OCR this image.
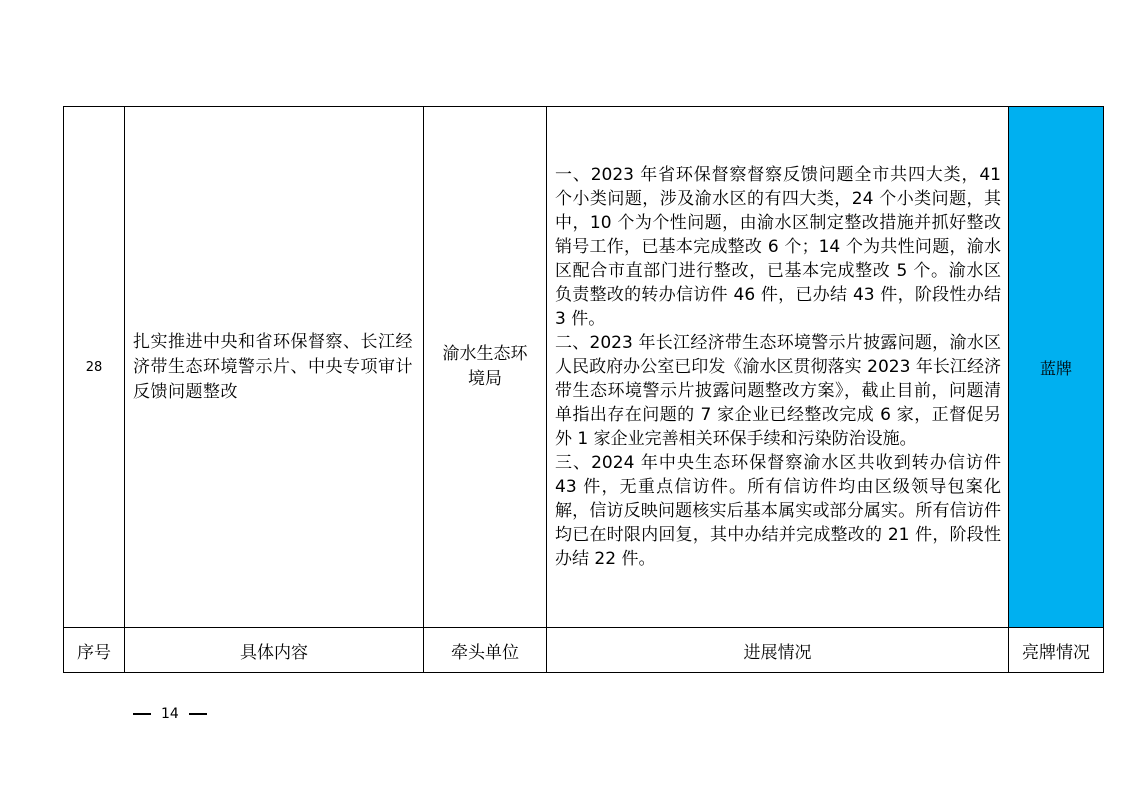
28	扎实推进中央和省环保督察、长江经济带生态环境警示片、中央专项审计反馈问题整改	渝水生态环境局	一、2023 年省环保督察督察反馈问题全市共四大类，41 个小类问题，涉及渝水区的有四大类，24 个小类问题，其中，10 个为个性问题，由渝水区制定整改措施并抓好整改销号工作，已基本完成整改 6 个；14 个为共性问题，渝水区配合市直部门进行整改，已基本完成整改 5 个。渝水区负责整改的转办信访件 46 件，已办结 43 件，阶段性办结 3 件。

二、2023 年长江经济带生态环境警示片披露问题，渝水区人民政府办公室已印发《渝水区贯彻落实 2023 年长江经济带生态环境警示片披露问题整改方案》，截止目前，问题清单指出存在问题的 7 家企业已经整改完成 6 家，正督促另外 1 家企业完善相关环保手续和污染防治设施。

三、2024 年中央生态环保督察渝水区共收到转办信访件 43 件，无重点信访件。所有信访件均由区级领导包案化解，信访反映问题核实后基本属实或部分属实。所有信访件均已在时限内回复，其中办结并完成整改的 21 件，阶段性办结 22 件。	蓝牌
序号	具体内容	牵头单位	进展情况	亮牌情况
14
